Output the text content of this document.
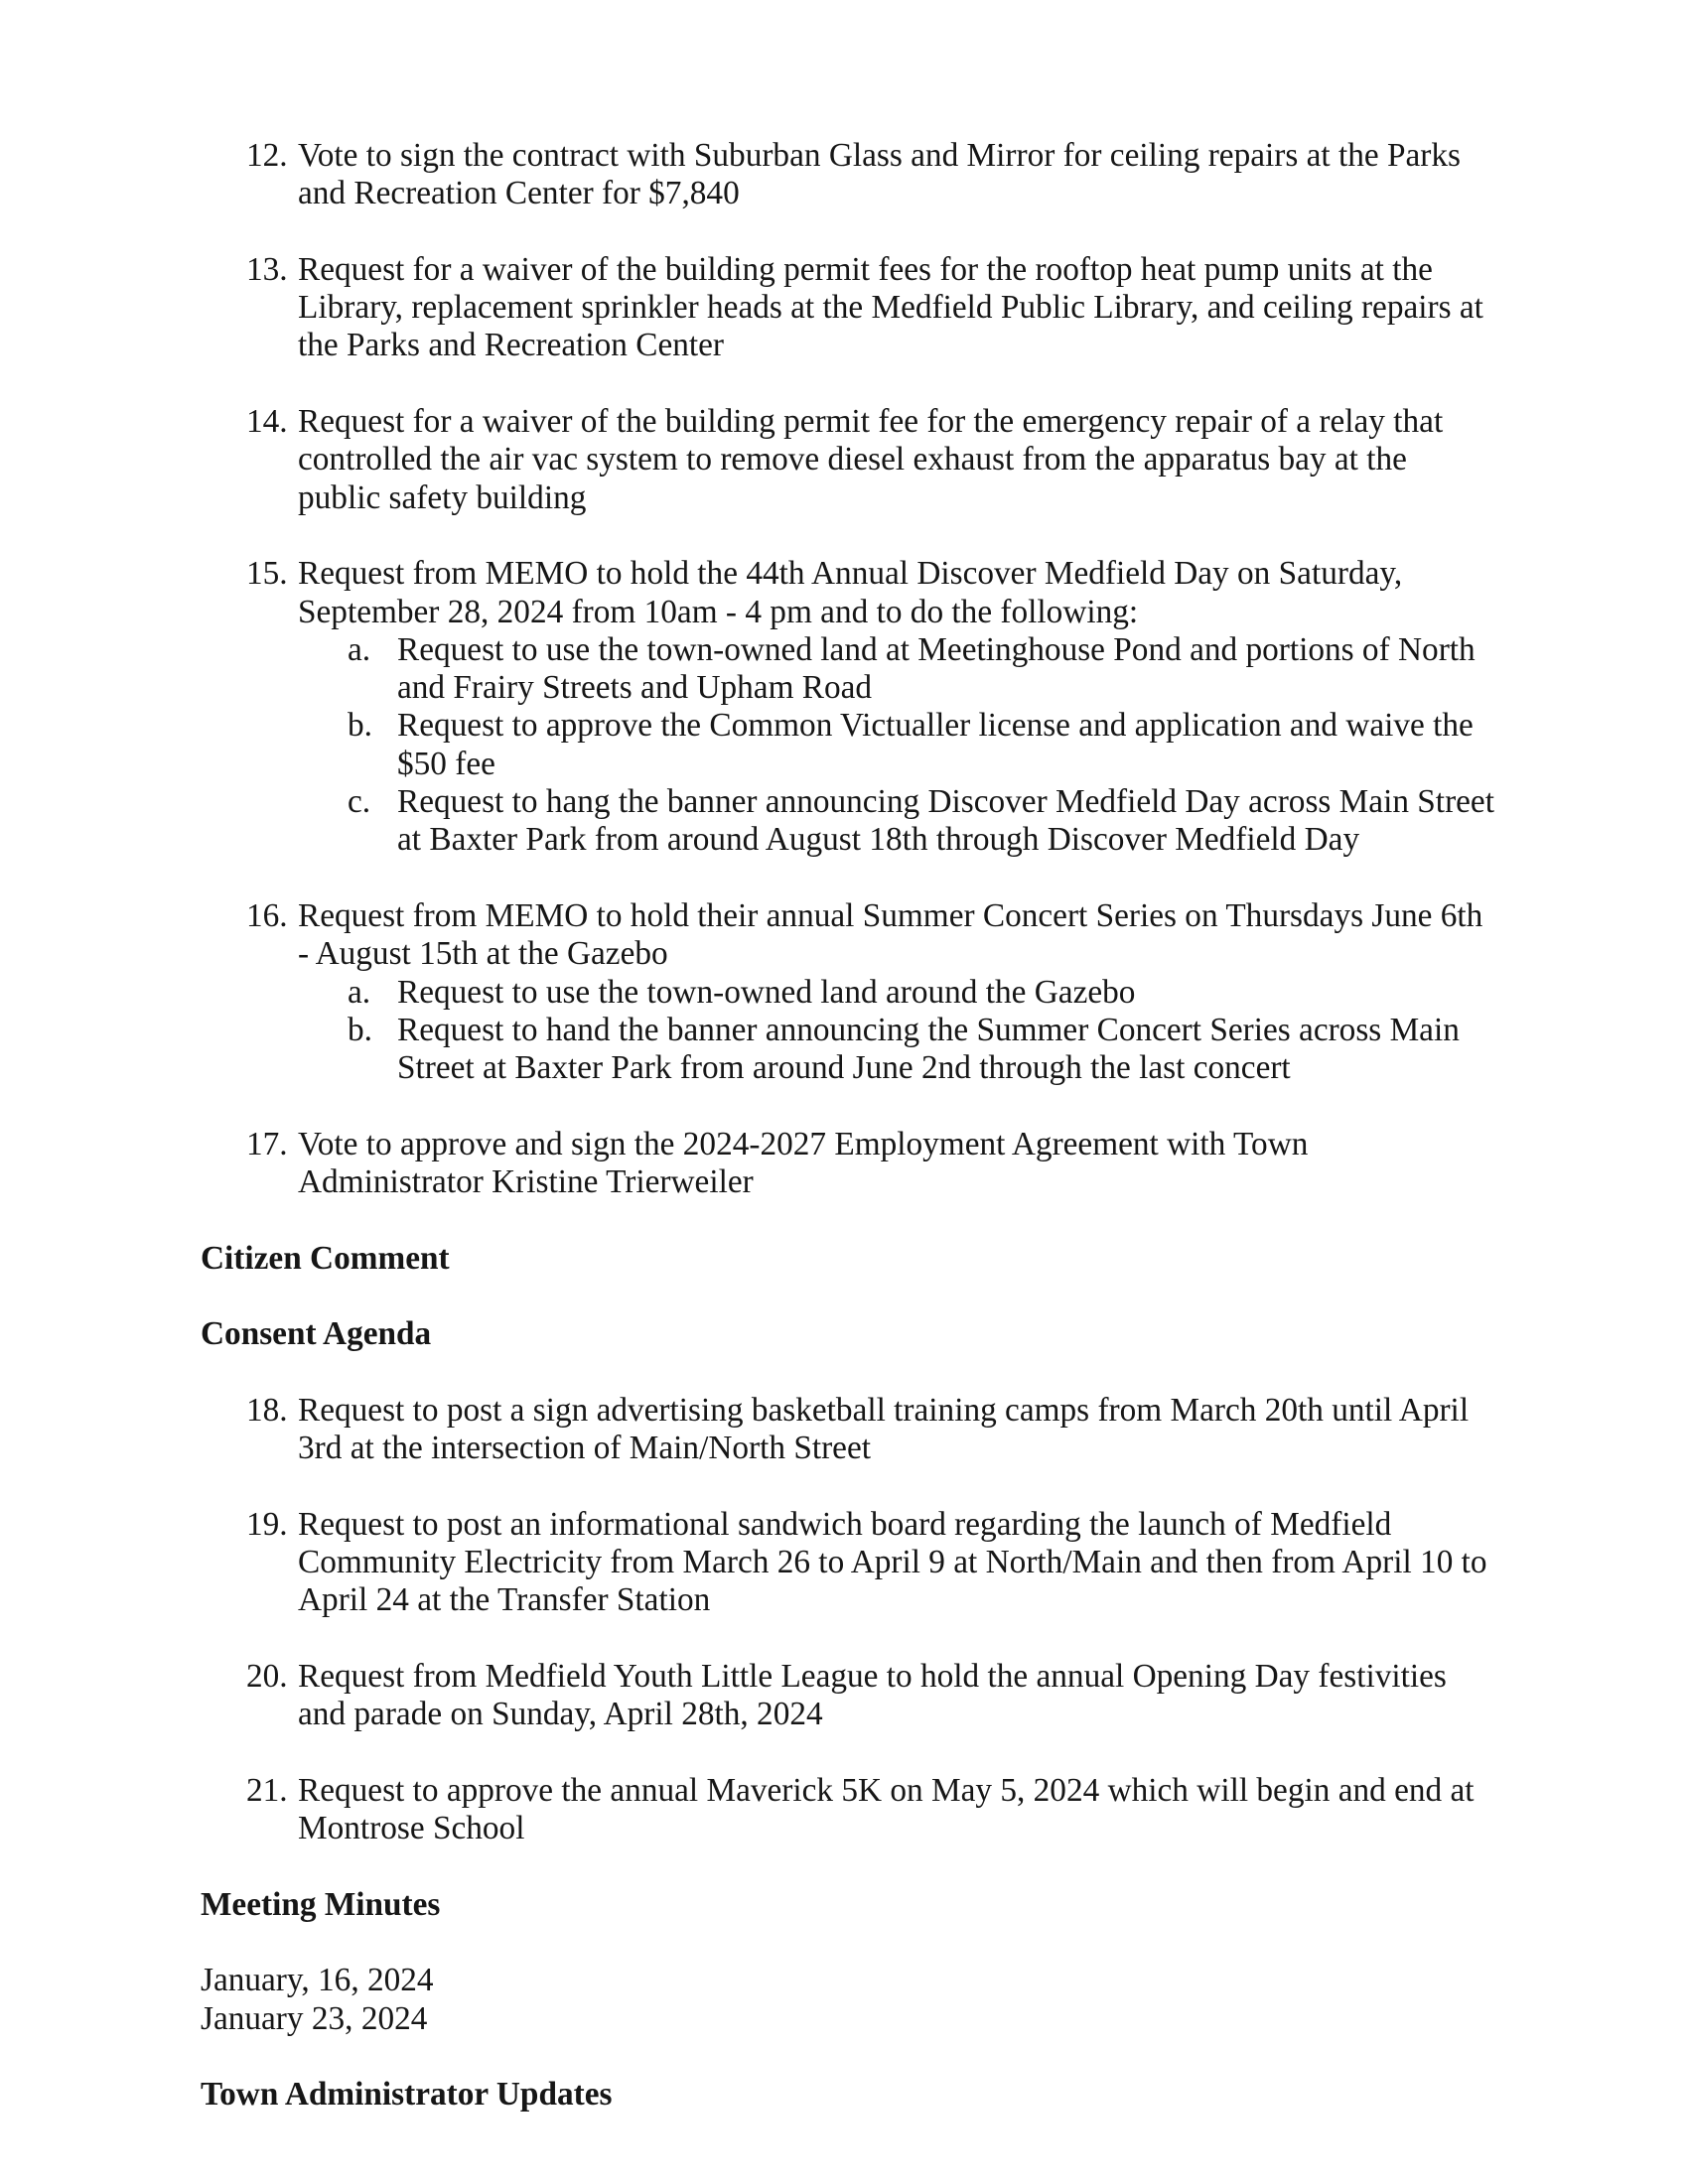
12. Vote to sign the contract with Suburban Glass and Mirror for ceiling repairs at the Parks and Recreation Center for $7,840
13. Request for a waiver of the building permit fees for the rooftop heat pump units at the Library, replacement sprinkler heads at the Medfield Public Library, and ceiling repairs at the Parks and Recreation Center
14. Request for a waiver of the building permit fee for the emergency repair of a relay that controlled the air vac system to remove diesel exhaust from the apparatus bay at the public safety building
15. Request from MEMO to hold the 44th Annual Discover Medfield Day on Saturday, September 28, 2024 from 10am - 4 pm and to do the following:
a. Request to use the town-owned land at Meetinghouse Pond and portions of North and Frairy Streets and Upham Road
b. Request to approve the Common Victualler license and application and waive the $50 fee
c. Request to hang the banner announcing Discover Medfield Day across Main Street at Baxter Park from around August 18th through Discover Medfield Day
16. Request from MEMO to hold their annual Summer Concert Series on Thursdays June 6th - August 15th at the Gazebo
a. Request to use the town-owned land around the Gazebo
b. Request to hand the banner announcing the Summer Concert Series across Main Street at Baxter Park from around June 2nd through the last concert
17. Vote to approve and sign the 2024-2027 Employment Agreement with Town Administrator Kristine Trierweiler
Citizen Comment
Consent Agenda
18. Request to post a sign advertising basketball training camps from March 20th until April 3rd at the intersection of Main/North Street
19. Request to post an informational sandwich board regarding the launch of Medfield Community Electricity from March 26 to April 9 at North/Main and then from April 10 to April 24 at the Transfer Station
20. Request from Medfield Youth Little League to hold the annual Opening Day festivities and parade on Sunday, April 28th, 2024
21. Request to approve the annual Maverick 5K on May 5, 2024 which will begin and end at Montrose School
Meeting Minutes

January, 16, 2024

January 23, 2024

Town Administrator Updates
